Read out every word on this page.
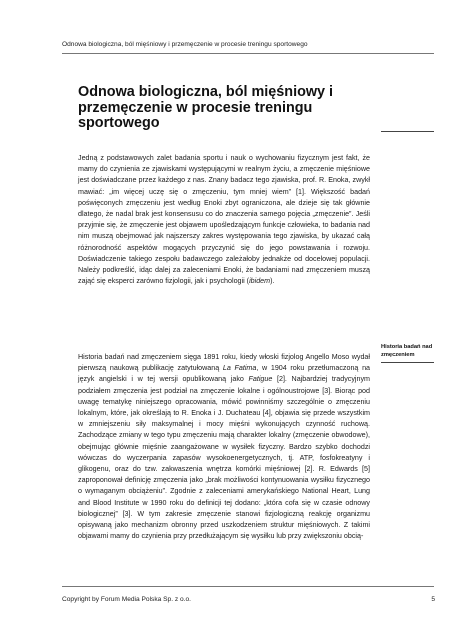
Odnowa biologiczna, ból mięśniowy i przemęczenie w procesie treningu sportowego
Odnowa biologiczna, ból mięśniowy i przemęczenie w procesie treningu sportowego

Jedną z podstawowych zalet badania sportu i nauk o wychowaniu fizycznym jest fakt, że mamy do czynienia ze zjawiskami występującymi w realnym życiu, a zmęczenie mięśniowe jest doświadczane przez każdego z nas. Znany badacz tego zjawiska, prof. R. Enoka, zwykł mawiać: „im więcej uczę się o zmęczeniu, tym mniej wiem” [1]. Większość badań poświęconych zmęczeniu jest według Enoki zbyt ograniczona, ale dzieje się tak głównie dlatego, że nadal brak jest konsensusu co do znaczenia samego pojęcia „zmęczenie”. Jeśli przyjmie się, że zmęczenie jest objawem upośledzającym funkcje człowieka, to badania nad nim muszą obejmować jak najszerszy zakres występowania tego zjawiska, by ukazać całą różnorodność aspektów mogących przyczynić się do jego powstawania i rozwoju. Doświadczenie takiego zespołu badawczego zależałoby jednakże od docelowej populacji. Należy podkreślić, idąc dalej za zaleceniami Enoki, że badaniami nad zmęczeniem muszą zająć się eksperci zarówno fizjologii, jak i psychologii (ibidem).

Historia badań nad zmęczeniem sięga 1891 roku, kiedy włoski fizjolog Angello Moso wydał pierwszą naukową publikację zatytułowaną La Fatima, w 1904 roku przetłumaczoną na język angielski i w tej wersji opublikowaną jako Fatigue [2]. Najbardziej tradycyjnym podziałem zmęczenia jest podział na zmęczenie lokalne i ogólnoustrojowe [3]. Biorąc pod uwagę tematykę niniejszego opracowania, mówić powinniśmy szczególnie o zmęczeniu lokalnym, które, jak określają to R. Enoka i J. Duchateau [4], objawia się przede wszystkim w zmniejszeniu siły maksymalnej i mocy mięśni wykonujących czynność ruchową. Zachodzące zmiany w tego typu zmęczeniu mają charakter lokalny (zmęczenie obwodowe), obejmując głównie mięśnie zaangażowane w wysiłek fizyczny. Bardzo szybko dochodzi wówczas do wyczerpania zapasów wysokoenergetycznych, tj. ATP, fosfokreatyny i glikogenu, oraz do tzw. zakwaszenia wnętrza komórki mięśniowej [2]. R. Edwards [5] zaproponował definicję zmęczenia jako „brak możliwości kontynuowania wysiłku fizycznego o wymaganym obciążeniu”. Zgodnie z zaleceniami amerykańskiego National Heart, Lung and Blood Institute w 1990 roku do definicji tej dodano: „która cofa się w czasie odnowy biologicznej” [3]. W tym zakresie zmęczenie stanowi fizjologiczną reakcję organizmu opisywaną jako mechanizm obronny przed uszkodzeniem struktur mięśniowych. Z takimi objawami mamy do czynienia przy przedłużającym się wysiłku lub przy zwiększoniu obcią-

Historia badań nad zmęczeniem
Copyright by Forum Media Polska Sp. z o.o.	5
